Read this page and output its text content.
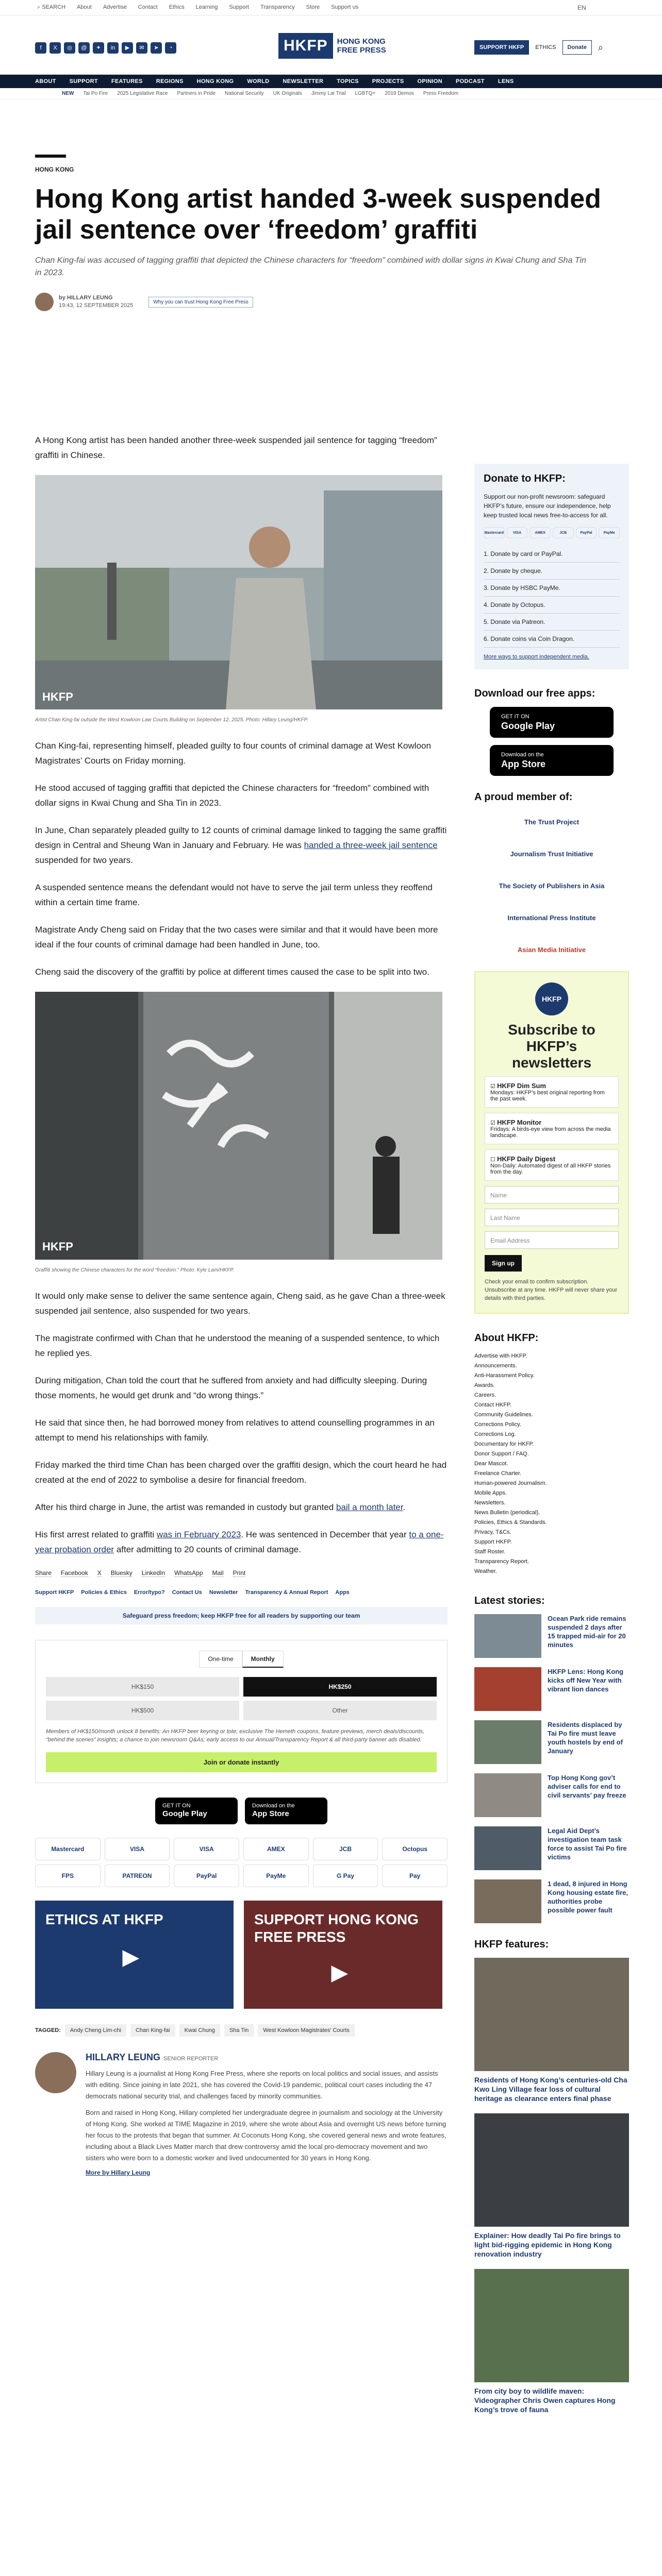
⌕ SEARCH About Advertise Contact Ethics Learning Support Transparency Store Support us	EN
f	X	◎	@	✦	in	▶	✉	➤	◔	HKFP	HONG KONG
FREE PRESS	SUPPORT HKFP	ETHICS	Donate	⌕
ABOUT SUPPORT FEATURES REGIONS HONG KONG WORLD NEWSLETTER TOPICS PROJECTS OPINION PODCAST LENS
NEW Tai Po Fire 2025 Legislative Race Partners in Pride National Security UK Originals Jimmy Lai Trial LGBTQ+ 2019 Demos Press Freedom
HONG KONG
Hong Kong artist handed 3-week suspended jail sentence over ‘freedom’ graffiti

Chan King-fai was accused of tagging graffiti that depicted the Chinese characters for “freedom” combined with dollar signs in Kwai Chung and Sha Tin in 2023.

by HILLARY LEUNG
19:43, 12 SEPTEMBER 2025
Why you can trust Hong Kong Free Press

A Hong Kong artist has been handed another three-week suspended jail sentence for tagging “freedom” graffiti in Chinese.

HKFP
Artist Chan King-fai outside the West Kowloon Law Courts Building on September 12, 2025. Photo: Hillary Leung/HKFP.

Chan King-fai, representing himself, pleaded guilty to four counts of criminal damage at West Kowloon Magistrates’ Courts on Friday morning.

He stood accused of tagging graffiti that depicted the Chinese characters for “freedom” combined with dollar signs in Kwai Chung and Sha Tin in 2023.

In June, Chan separately pleaded guilty to 12 counts of criminal damage linked to tagging the same graffiti design in Central and Sheung Wan in January and February. He was handed a three-week jail sentence suspended for two years.

A suspended sentence means the defendant would not have to serve the jail term unless they reoffend within a certain time frame.

Magistrate Andy Cheng said on Friday that the two cases were similar and that it would have been more ideal if the four counts of criminal damage had been handled in June, too.

Cheng said the discovery of the graffiti by police at different times caused the case to be split into two.

HKFP
Graffiti showing the Chinese characters for the word “freedom.” Photo: Kyle Lam/HKFP.

It would only make sense to deliver the same sentence again, Cheng said, as he gave Chan a three-week suspended jail sentence, also suspended for two years.

The magistrate confirmed with Chan that he understood the meaning of a suspended sentence, to which he replied yes.

During mitigation, Chan told the court that he suffered from anxiety and had difficulty sleeping. During those moments, he would get drunk and “do wrong things.”

He said that since then, he had borrowed money from relatives to attend counselling programmes in an attempt to mend his relationships with family.

Friday marked the third time Chan has been charged over the graffiti design, which the court heard he had created at the end of 2022 to symbolise a desire for financial freedom.

After his third charge in June, the artist was remanded in custody but granted bail a month later.

His first arrest related to graffiti was in February 2023. He was sentenced in December that year to a one-year probation order after admitting to 20 counts of criminal damage.

Share Facebook X Bluesky LinkedIn WhatsApp Mail Print
Support HKFP Policies & Ethics Error/typo? Contact Us Newsletter Transparency & Annual Report Apps
Safeguard press freedom; keep HKFP free for all readers by supporting our team
One-time	Monthly
HK$150	HK$250
HK$500	Other

Members of HK$150/month unlock 8 benefits: An HKFP beer keyring or tote; exclusive The Hemeth coupons, feature previews, merch deals/discounts, “behind the scenes” insights; a chance to join newsroom Q&As; early access to our Annual/Transparency Report & all third-party banner ads disabled.

Join or donate instantly
GET IT ON
Google Play
Download on the
App Store
Mastercard	VISA	VISA	AMEX	JCB	Octopus
FPS	PATREON	PayPal	PayMe	G Pay	Pay
ETHICS AT HKFP
▶
SUPPORT HONG KONG FREE PRESS
▶
TAGGED:	Andy Cheng Lim-chi	Chan King-fai	Kwai Chung	Sha Tin	West Kowloon Magistrates' Courts
HILLARY LEUNG SENIOR REPORTER

Hillary Leung is a journalist at Hong Kong Free Press, where she reports on local politics and social issues, and assists with editing. Since joining in late 2021, she has covered the Covid-19 pandemic, political court cases including the 47 democrats national security trial, and challenges faced by minority communities.

Born and raised in Hong Kong, Hillary completed her undergraduate degree in journalism and sociology at the University of Hong Kong. She worked at TIME Magazine in 2019, where she wrote about Asia and overnight US news before turning her focus to the protests that began that summer. At Coconuts Hong Kong, she covered general news and wrote features, including about a Black Lives Matter march that drew controversy amid the local pro-democracy movement and two sisters who were born to a domestic worker and lived undocumented for 30 years in Hong Kong.

More by Hillary Leung
Donate to HKFP:

Support our non-profit newsroom: safeguard HKFP’s future, ensure our independence, help keep trusted local news free-to-access for all.

Mastercard	VISA	AMEX	JCB	PayPal	PayMe
1. Donate by card or PayPal.
2. Donate by cheque.
3. Donate by HSBC PayMe.
4. Donate by Octopus.
5. Donate via Patreon.
6. Donate coins via Coin Dragon.
More ways to support independent media.
Download our free apps:
GET IT ON
Google Play
Download on the
App Store
A proud member of:
The Trust Project
Journalism Trust Initiative
The Society of Publishers in Asia
International Press Institute
Asian Media Initiative
HKFP
Subscribe to HKFP’s newsletters
☑ HKFP Dim Sum
Mondays: HKFP’s best original reporting from the past week.
☑ HKFP Monitor
Fridays: A birds-eye view from across the media landscape.
☐ HKFP Daily Digest
Non-Daily: Automated digest of all HKFP stories from the day.
Name
Last Name
Email Address
Sign up

Check your email to confirm subscription. Unsubscribe at any time. HKFP will never share your details with third parties.

About HKFP:
Advertise with HKFP.
Announcements.
Anti-Harassment Policy.
Awards.
Careers.
Contact HKFP.
Community Guidelines.
Corrections Policy.
Corrections Log.
Documentary for HKFP.
Donor Support / FAQ.
Dear Mascot.
Freelance Charter.
Human-powered Journalism.
Mobile Apps.
Newsletters.
News Bulletin (periodical).
Policies, Ethics & Standards.
Privacy, T&Cs.
Support HKFP.
Staff Roster.
Transparency Report.
Weather.
Latest stories:
Ocean Park ride remains suspended 2 days after 15 trapped mid-air for 20 minutes
HKFP Lens: Hong Kong kicks off New Year with vibrant lion dances
Residents displaced by Tai Po fire must leave youth hostels by end of January
Top Hong Kong gov’t adviser calls for end to civil servants’ pay freeze
Legal Aid Dept’s investigation team task force to assist Tai Po fire victims
1 dead, 8 injured in Hong Kong housing estate fire, authorities probe possible power fault
HKFP features:
Residents of Hong Kong’s centuries-old Cha Kwo Ling Village fear loss of cultural heritage as clearance enters final phase
Explainer: How deadly Tai Po fire brings to light bid-rigging epidemic in Hong Kong renovation industry
From city boy to wildlife maven: Videographer Chris Owen captures Hong Kong’s trove of fauna
